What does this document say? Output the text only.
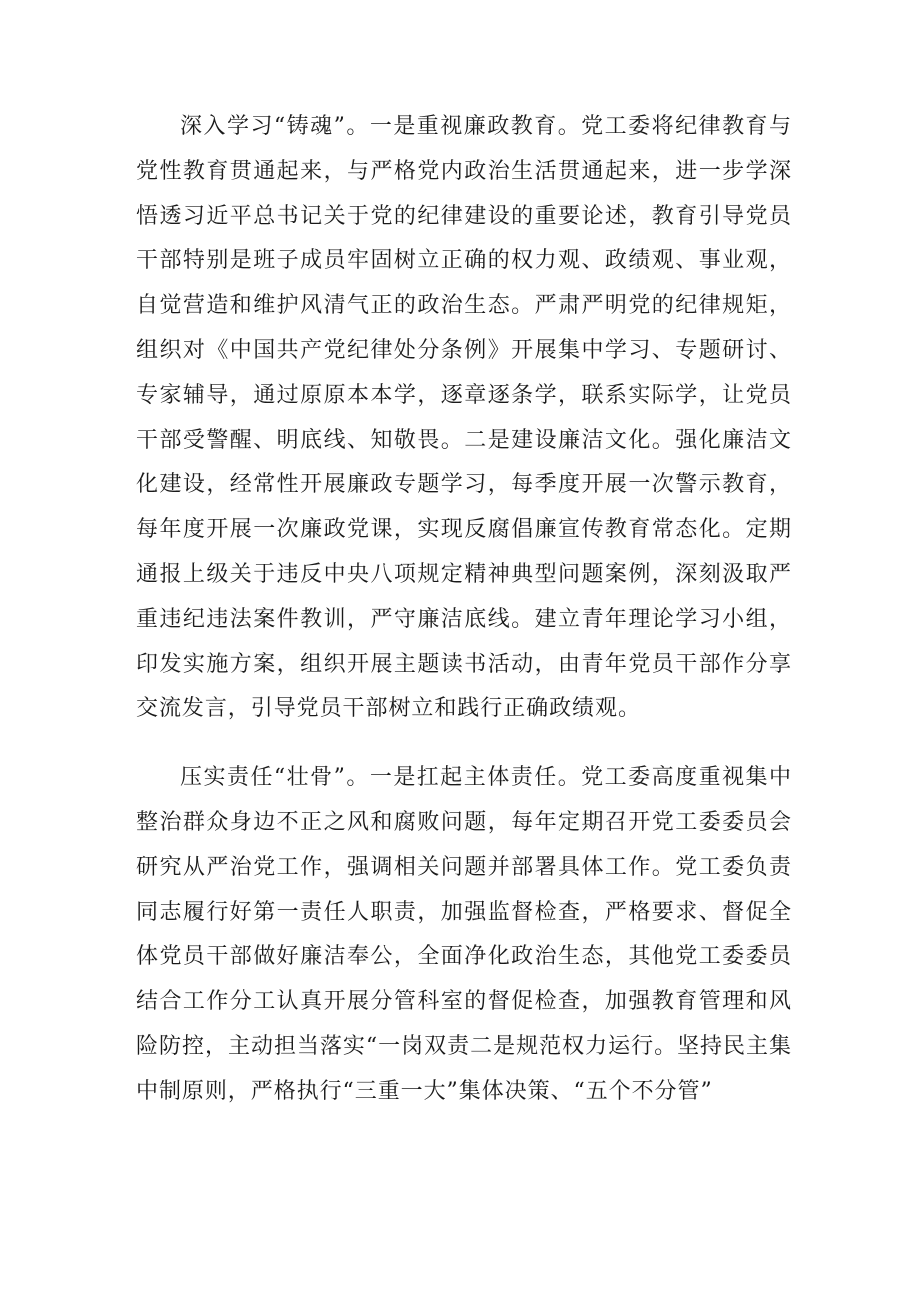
深入学习“铸魂”。一是重视廉政教育。党工委将纪律教育与党性教育贯通起来，与严格党内政治生活贯通起来，进一步学深悟透习近平总书记关于党的纪律建设的重要论述，教育引导党员干部特别是班子成员牢固树立正确的权力观、政绩观、事业观，自觉营造和维护风清气正的政治生态。严肃严明党的纪律规矩，组织对《中国共产党纪律处分条例》开展集中学习、专题研讨、专家辅导，通过原原本本学，逐章逐条学，联系实际学，让党员干部受警醒、明底线、知敬畏。二是建设廉洁文化。强化廉洁文化建设，经常性开展廉政专题学习，每季度开展一次警示教育，每年度开展一次廉政党课，实现反腐倡廉宣传教育常态化。定期通报上级关于违反中央八项规定精神典型问题案例，深刻汲取严重违纪违法案件教训，严守廉洁底线。建立青年理论学习小组，印发实施方案，组织开展主题读书活动，由青年党员干部作分享交流发言，引导党员干部树立和践行正确政绩观。

压实责任“壮骨”。一是扛起主体责任。党工委高度重视集中整治群众身边不正之风和腐败问题，每年定期召开党工委委员会研究从严治党工作，强调相关问题并部署具体工作。党工委负责同志履行好第一责任人职责，加强监督检查，严格要求、督促全体党员干部做好廉洁奉公，全面净化政治生态，其他党工委委员结合工作分工认真开展分管科室的督促检查，加强教育管理和风险防控，主动担当落实“一岗双责二是规范权力运行。坚持民主集中制原则，严格执行“三重一大”集体决策、“五个不分管”
